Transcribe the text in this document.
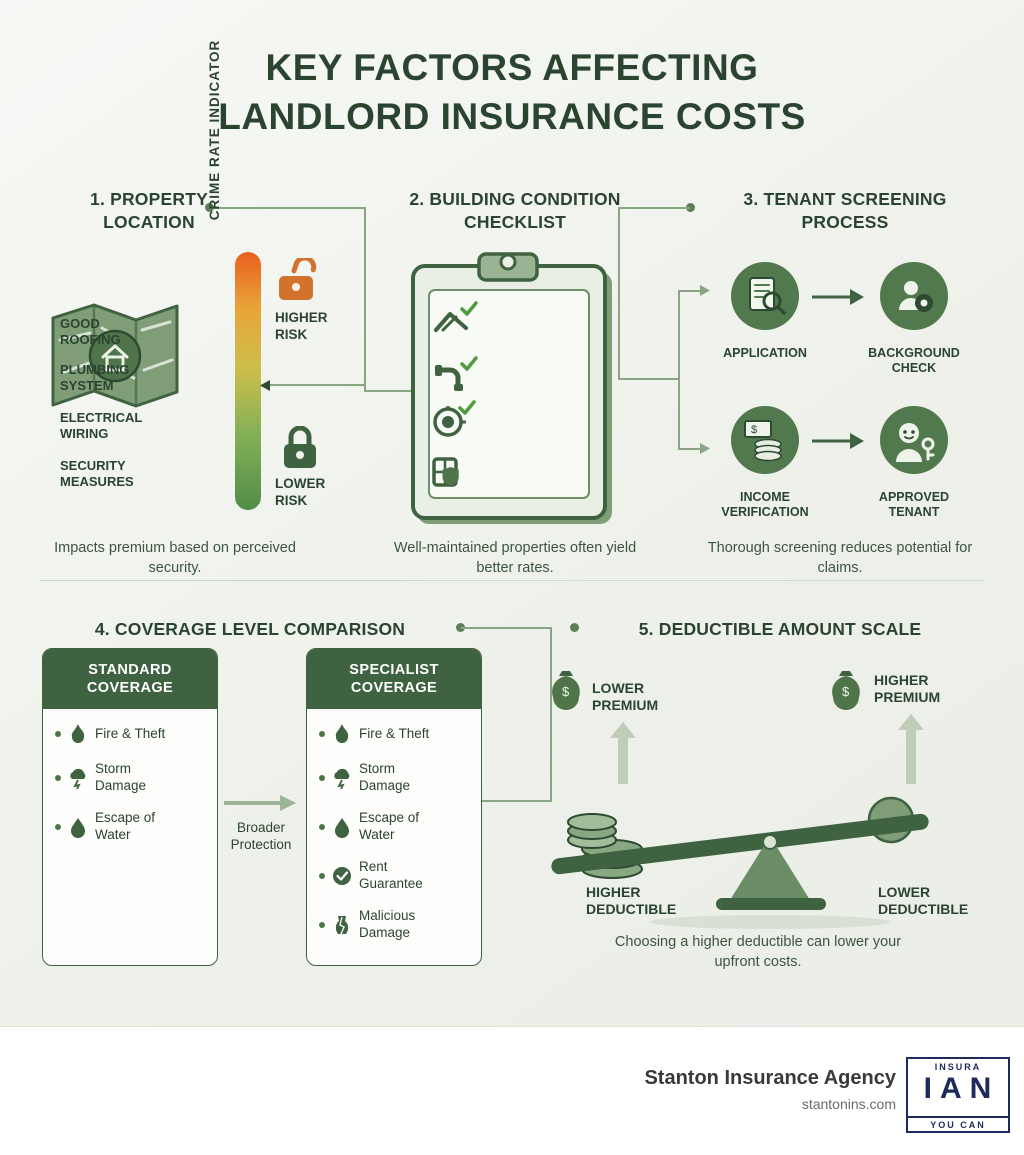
KEY FACTORS AFFECTING
LANDLORD INSURANCE COSTS
1. PROPERTY
LOCATION
CRIME RATE INDICATOR
HIGHER
RISK
LOWER
RISK
Impacts premium based on perceived security.
2. BUILDING CONDITION
CHECKLIST
GOOD
ROOFING
PLUMBING
SYSTEM
ELECTRICAL
WIRING
SECURITY
MEASURES
Well-maintained properties often yield better rates.
3. TENANT SCREENING
PROCESS
APPLICATION	BACKGROUND
CHECK
$
INCOME
VERIFICATION
APPROVED
TENANT
Thorough screening reduces potential for claims.
4. COVERAGE LEVEL COMPARISON
STANDARD
COVERAGE
Fire & Theft
Storm
Damage
Escape of
Water	Broader
Protection
SPECIALIST
COVERAGE
Fire & Theft
Storm
Damage
Escape of
Water
Rent
Guarantee
Malicious
Damage
5. DEDUCTIBLE AMOUNT SCALE
$ LOWER
PREMIUM
$
HIGHER
PREMIUM
HIGHER
DEDUCTIBLE
LOWER
DEDUCTIBLE
Choosing a higher deductible can lower your upfront costs.
Stanton Insurance Agency
stantonins.com
INSURA
I A N
YOU CAN
